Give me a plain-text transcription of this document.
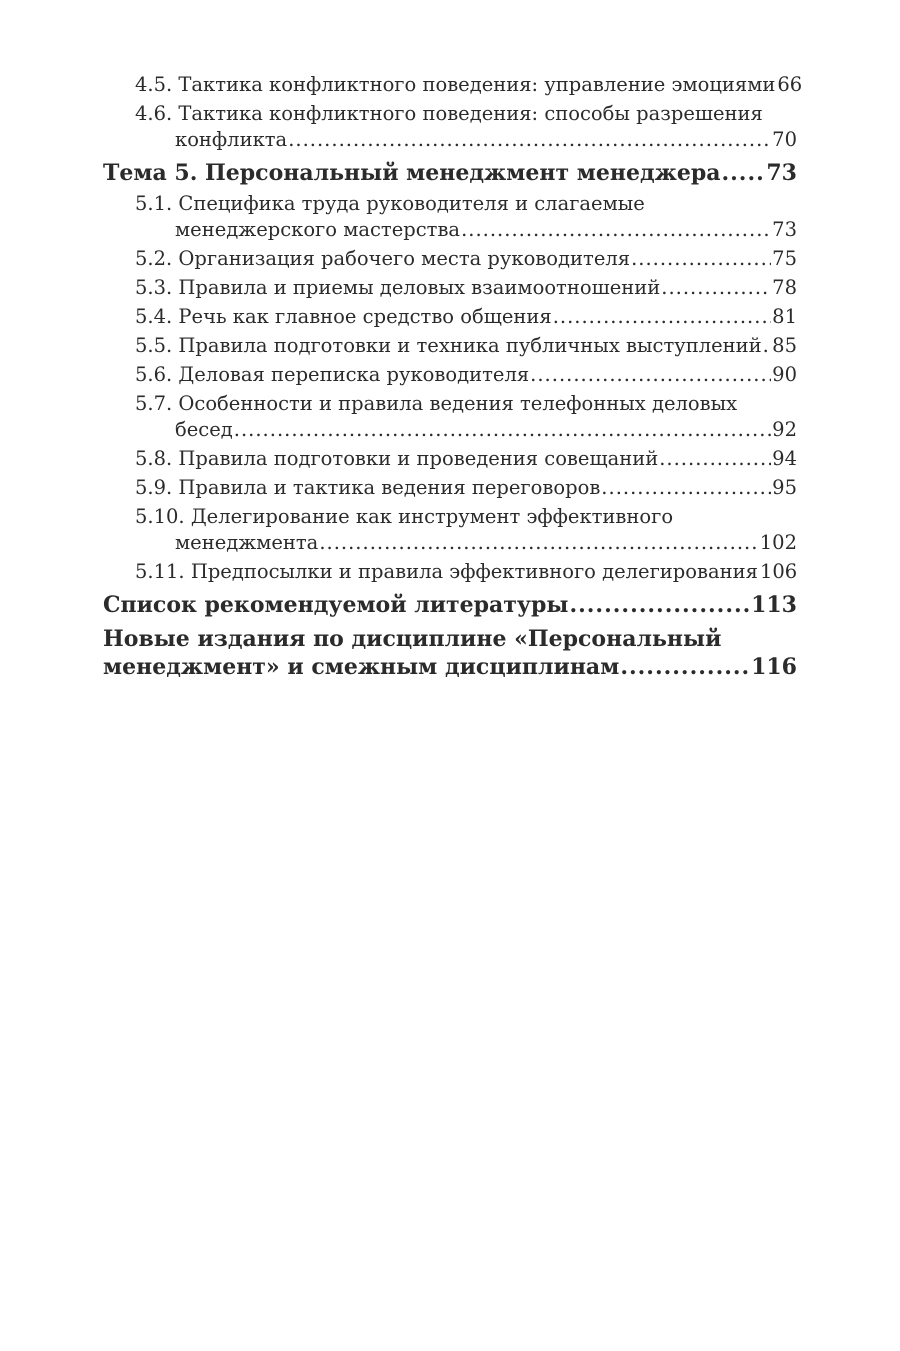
4.5. Тактика конфликтного поведения: управление эмоциями 66
4.6. Тактика конфликтного поведения: способы разрешения
конфликта .....	70
Тема 5. Персональный менеджмент менеджера ..... 73
5.1. Специфика труда руководителя и слагаемые
менеджерского мастерства .....	73
5.2. Организация рабочего места руководителя .....	75
5.3. Правила и приемы деловых взаимоотношений .....	78
5.4. Речь как главное средство общения .....	81
5.5. Правила подготовки и техника публичных выступлений ..... 85
5.6. Деловая переписка руководителя .....	90
5.7. Особенности и правила ведения телефонных деловых
бесед .....	92
5.8. Правила подготовки и проведения совещаний .....	94
5.9. Правила и тактика ведения переговоров .....	95
5.10. Делегирование как инструмент эффективного
менеджмента .....	102
5.11. Предпосылки и правила эффективного делегирования 106
Список рекомендуемой литературы .....	113
Новые издания по дисциплине «Персональный
менеджмент» и смежным дисциплинам .....	116
